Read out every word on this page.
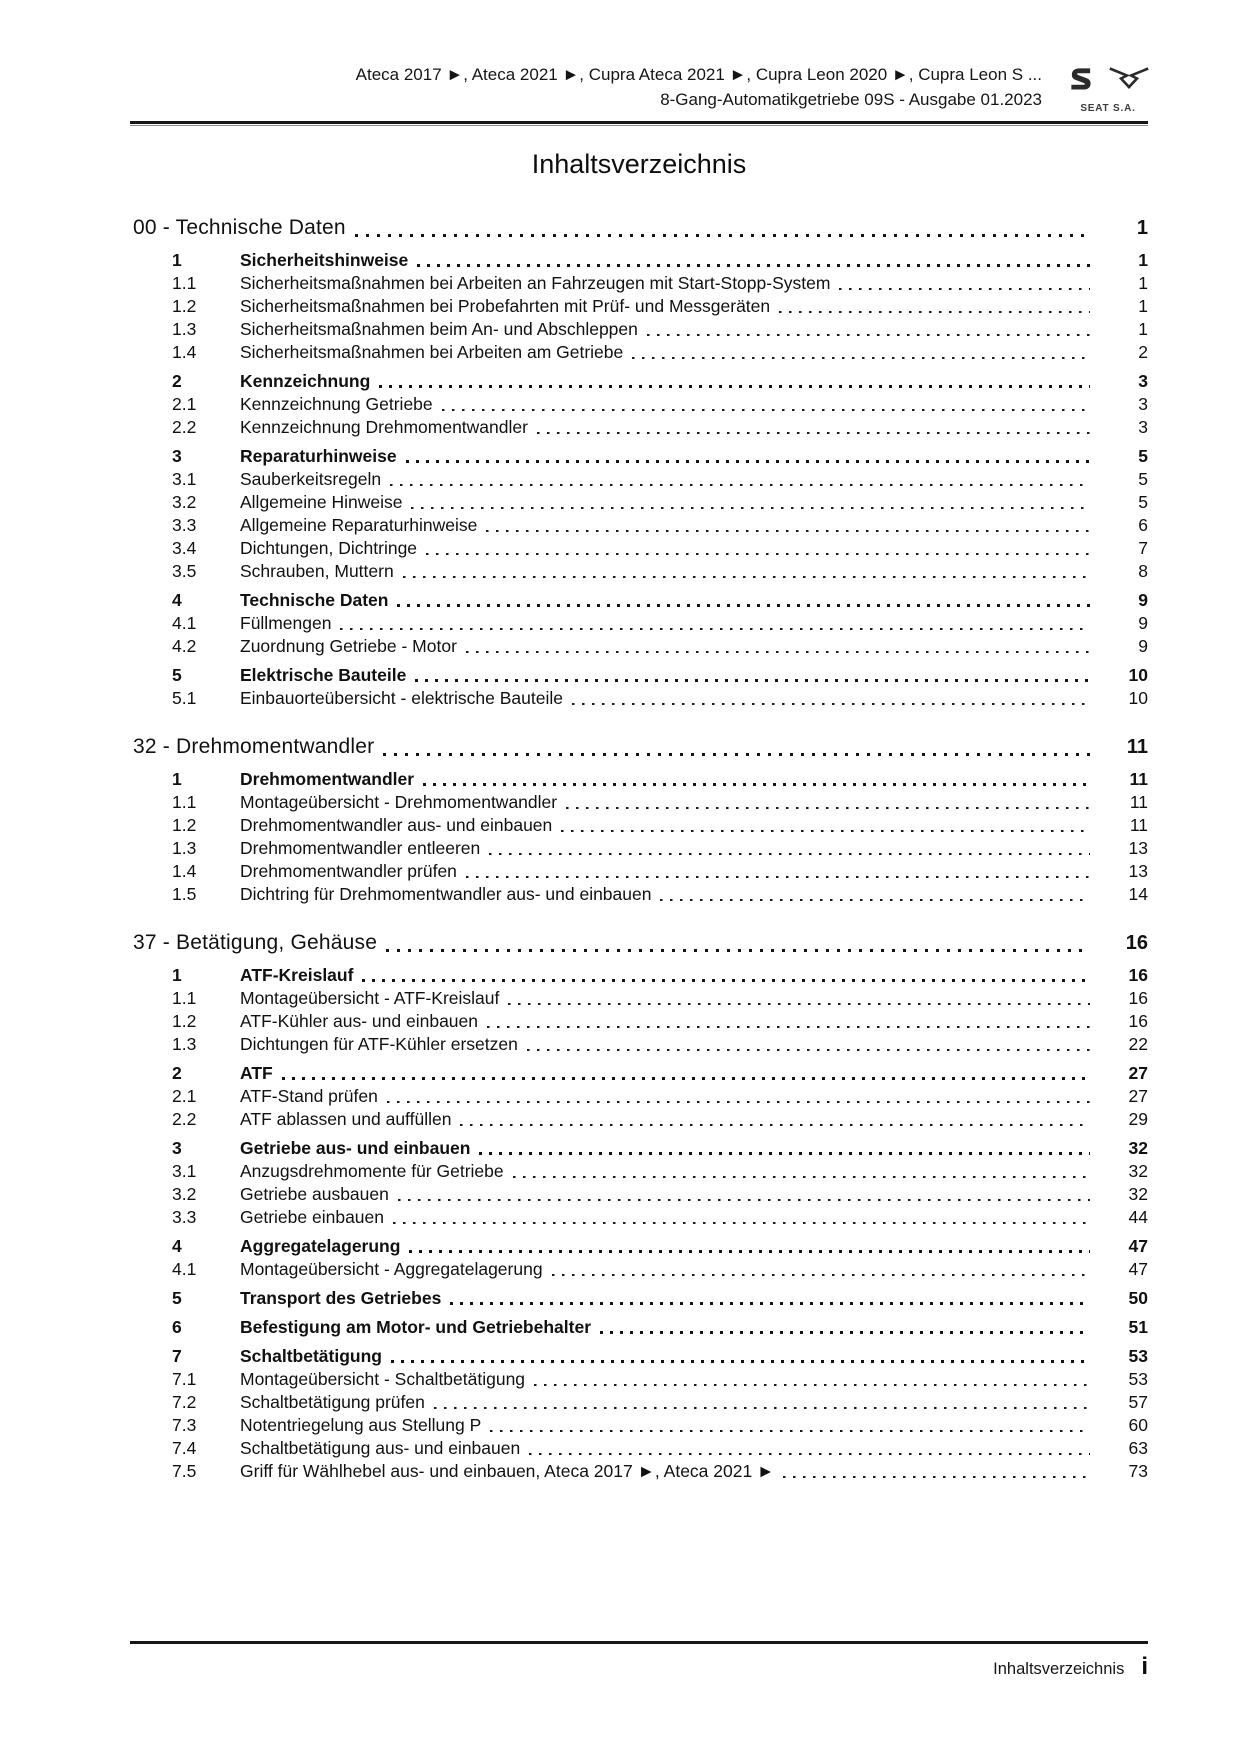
Ateca 2017 ►, Ateca 2021 ►, Cupra Ateca 2021 ►, Cupra Leon 2020 ►, Cupra Leon S ...
8-Gang-Automatikgetriebe 09S - Ausgabe 01.2023	SEAT S.A.
Inhaltsverzeichnis
00 - Technische Daten	1
1	Sicherheitshinweise	1
1.1	Sicherheitsmaßnahmen bei Arbeiten an Fahrzeugen mit Start-Stopp-System	1
1.2	Sicherheitsmaßnahmen bei Probefahrten mit Prüf- und Messgeräten	1
1.3	Sicherheitsmaßnahmen beim An- und Abschleppen	1
1.4	Sicherheitsmaßnahmen bei Arbeiten am Getriebe	2
2	Kennzeichnung	3
2.1	Kennzeichnung Getriebe	3
2.2	Kennzeichnung Drehmomentwandler	3
3	Reparaturhinweise	5
3.1	Sauberkeitsregeln	5
3.2	Allgemeine Hinweise	5
3.3	Allgemeine Reparaturhinweise	6
3.4	Dichtungen, Dichtringe	7
3.5	Schrauben, Muttern	8
4	Technische Daten	9
4.1	Füllmengen	9
4.2	Zuordnung Getriebe - Motor	9
5	Elektrische Bauteile	10
5.1	Einbauorteübersicht - elektrische Bauteile	10
32 - Drehmomentwandler	11
1	Drehmomentwandler	11
1.1	Montageübersicht - Drehmomentwandler	11
1.2	Drehmomentwandler aus- und einbauen	11
1.3	Drehmomentwandler entleeren	13
1.4	Drehmomentwandler prüfen	13
1.5	Dichtring für Drehmomentwandler aus- und einbauen	14
37 - Betätigung, Gehäuse	16
1	ATF-Kreislauf	16
1.1	Montageübersicht - ATF-Kreislauf	16
1.2	ATF-Kühler aus- und einbauen	16
1.3	Dichtungen für ATF-Kühler ersetzen	22
2	ATF	27
2.1	ATF-Stand prüfen	27
2.2	ATF ablassen und auffüllen	29
3	Getriebe aus- und einbauen	32
3.1	Anzugsdrehmomente für Getriebe	32
3.2	Getriebe ausbauen	32
3.3	Getriebe einbauen	44
4	Aggregatelagerung	47
4.1	Montageübersicht - Aggregatelagerung	47
5	Transport des Getriebes	50
6	Befestigung am Motor- und Getriebehalter	51
7	Schaltbetätigung	53
7.1	Montageübersicht - Schaltbetätigung	53
7.2	Schaltbetätigung prüfen	57
7.3	Notentriegelung aus Stellung P	60
7.4	Schaltbetätigung aus- und einbauen	63
7.5	Griff für Wählhebel aus- und einbauen, Ateca 2017 ►, Ateca 2021 ►	73
Inhaltsverzeichnis i
